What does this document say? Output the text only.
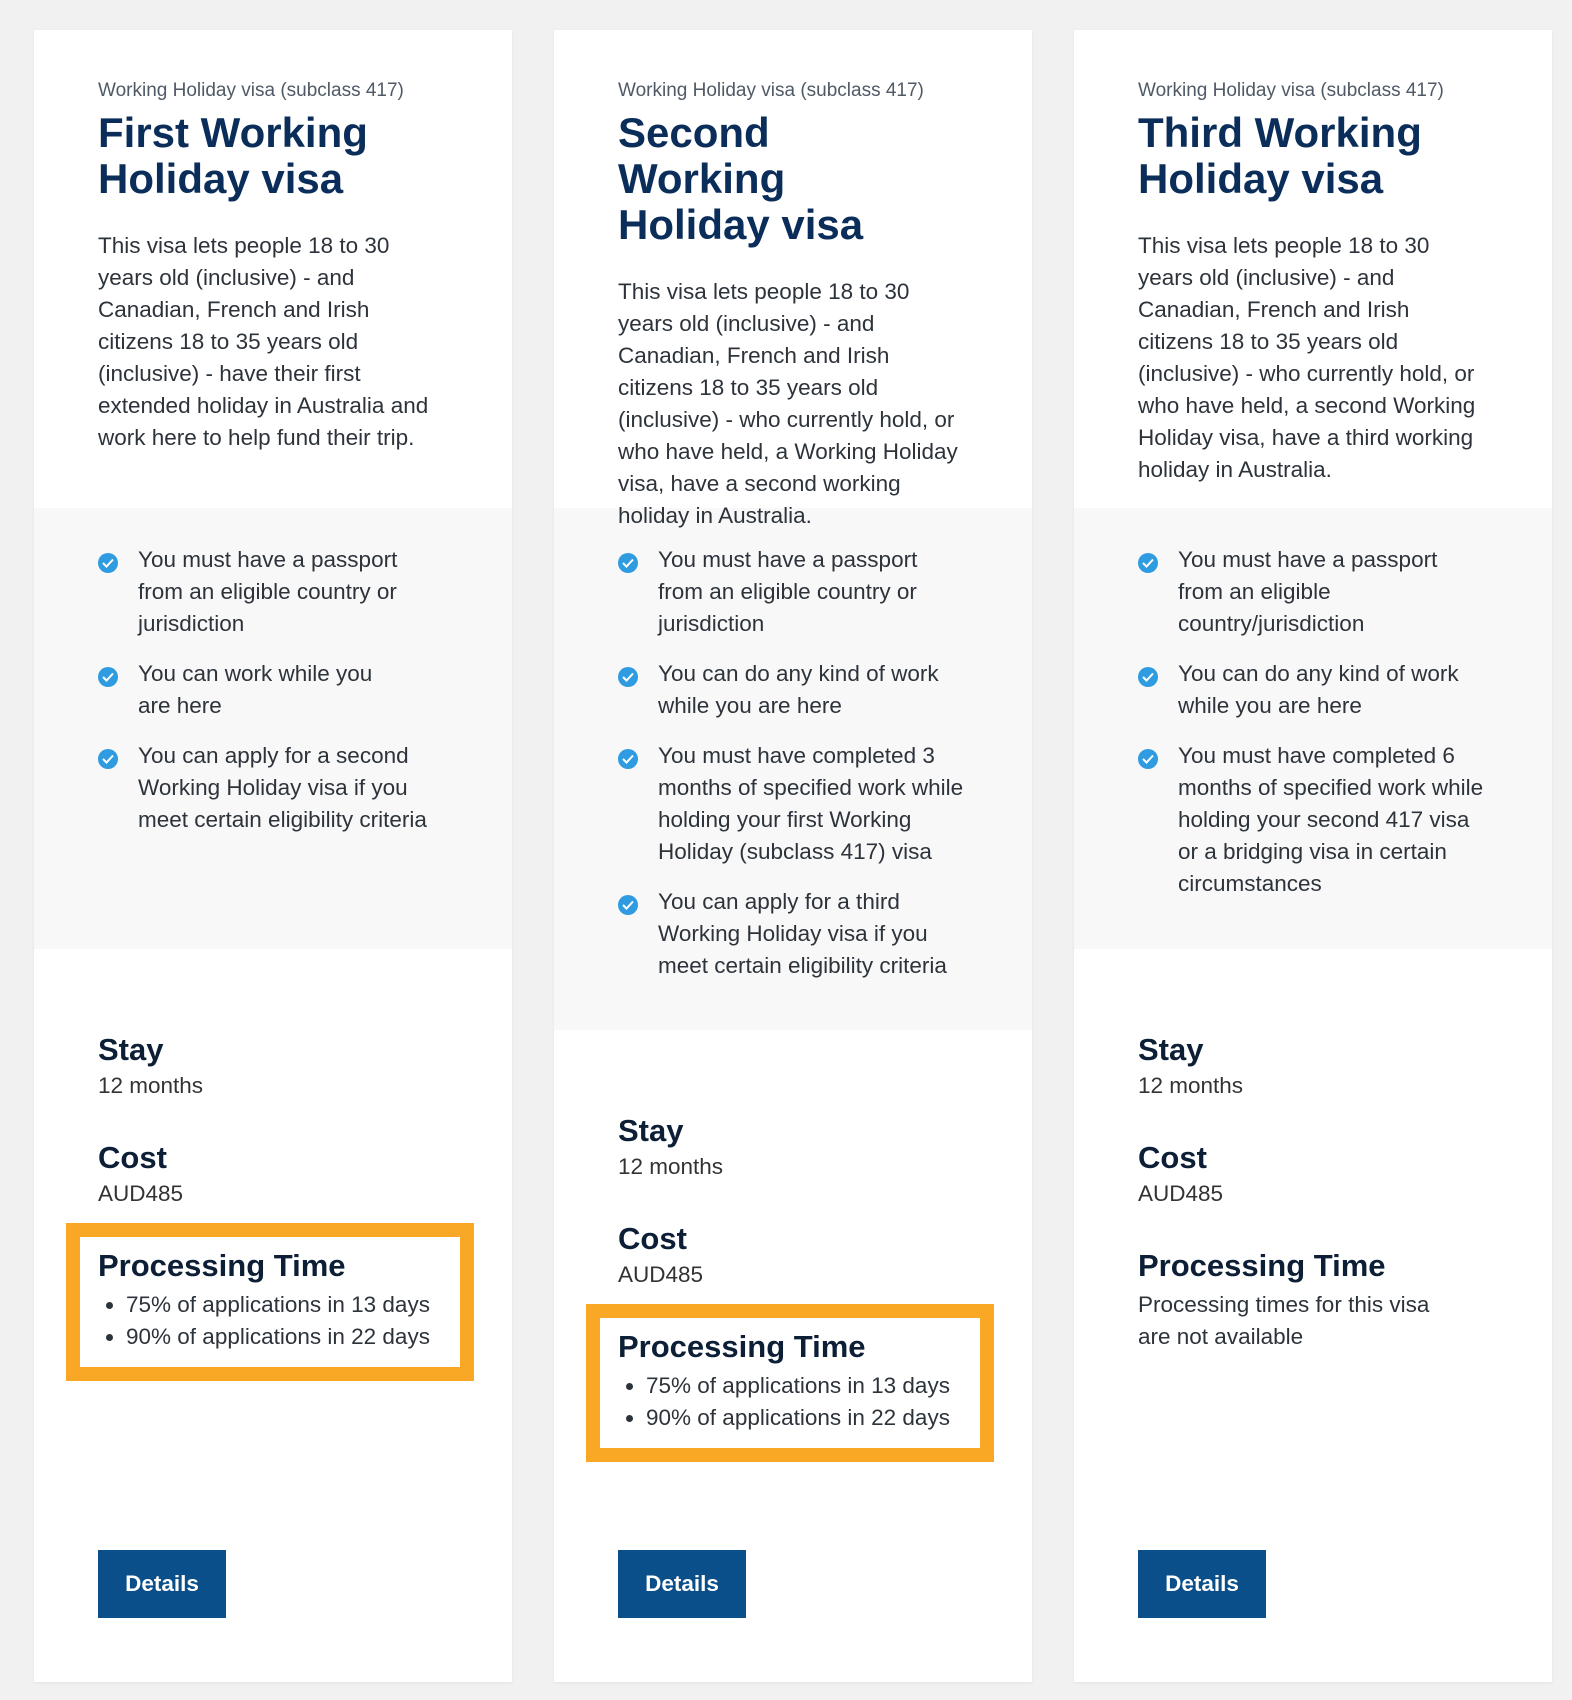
Working Holiday visa (subclass 417)

First Working Holiday visa

This visa lets people 18 to 30 years old (inclusive) - and Canadian, French and Irish citizens 18 to 35 years old (inclusive) - have their first extended holiday in Australia and work here to help fund their trip.

You must have a passport from an eligible country or jurisdiction
You can work while you are here
You can apply for a second Working Holiday visa if you meet certain eligibility criteria

Stay

12 months

Cost

AUD485

Processing Time

• 75% of applications in 13 days
• 90% of applications in 22 days
Details

Working Holiday visa (subclass 417)

Second Working Holiday visa

This visa lets people 18 to 30 years old (inclusive) - and Canadian, French and Irish citizens 18 to 35 years old (inclusive) - who currently hold, or who have held, a Working Holiday visa, have a second working holiday in Australia.

You must have a passport from an eligible country or jurisdiction
You can do any kind of work while you are here
You must have completed 3 months of specified work while holding your first Working Holiday (subclass 417) visa
You can apply for a third Working Holiday visa if you meet certain eligibility criteria

Stay

12 months

Cost

AUD485

Processing Time

• 75% of applications in 13 days
• 90% of applications in 22 days
Details

Working Holiday visa (subclass 417)

Third Working Holiday visa

This visa lets people 18 to 30 years old (inclusive) - and Canadian, French and Irish citizens 18 to 35 years old (inclusive) - who currently hold, or who have held, a second Working Holiday visa, have a third working holiday in Australia.

You must have a passport from an eligible country/jurisdiction
You can do any kind of work while you are here
You must have completed 6 months of specified work while holding your second 417 visa or a bridging visa in certain circumstances

Stay

12 months

Cost

AUD485

Processing Time

Processing times for this visa are not available

Details
